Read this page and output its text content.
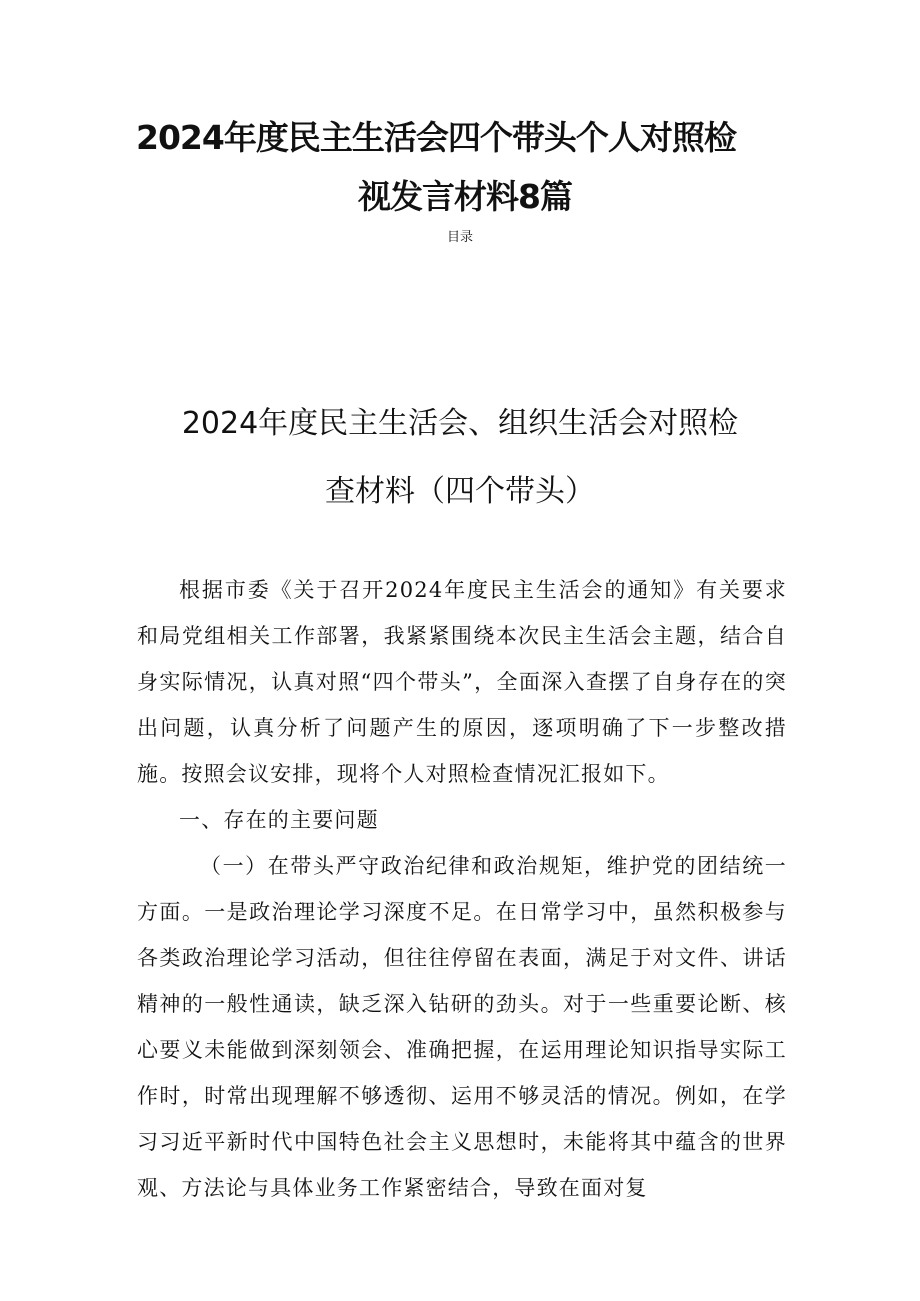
2024年度民主生活会四个带头个人对照检
视发言材料8篇
目录
2024年度民主生活会、组织生活会对照检
查材料（四个带头）

根据市委《关于召开2024年度民主生活会的通知》有关要求和局党组相关工作部署，我紧紧围绕本次民主生活会主题，结合自身实际情况，认真对照“四个带头”，全面深入查摆了自身存在的突出问题，认真分析了问题产生的原因，逐项明确了下一步整改措施。按照会议安排，现将个人对照检查情况汇报如下。

一、存在的主要问题

（一）在带头严守政治纪律和政治规矩，维护党的团结统一方面。一是政治理论学习深度不足。在日常学习中，虽然积极参与各类政治理论学习活动，但往往停留在表面，满足于对文件、讲话精神的一般性通读，缺乏深入钻研的劲头。对于一些重要论断、核心要义未能做到深刻领会、准确把握，在运用理论知识指导实际工作时，时常出现理解不够透彻、运用不够灵活的情况。例如，在学习习近平新时代中国特色社会主义思想时，未能将其中蕴含的世界观、方法论与具体业务工作紧密结合，导致在面对复
